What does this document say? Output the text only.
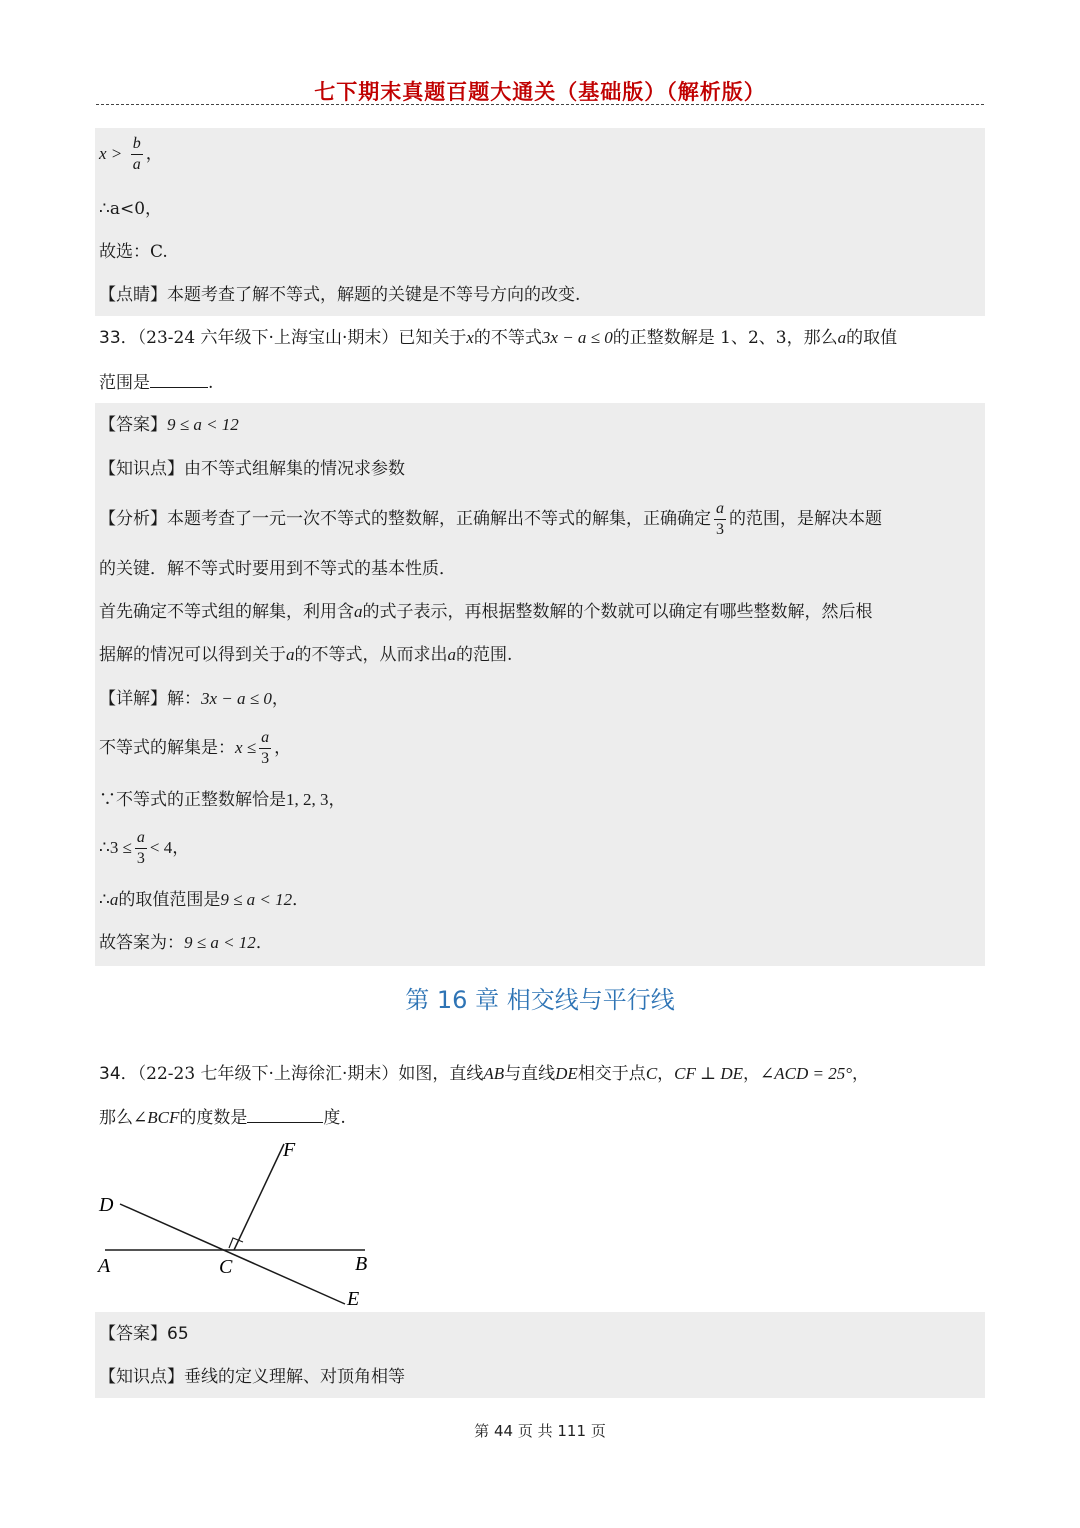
七下期末真题百题大通关（基础版）（解析版）
$x > \frac{b}{a}$ ，
∴a<0，
故选：C.
【点睛】本题考查了解不等式，解题的关键是不等号方向的改变.
33．（23-24 六年级下·上海宝山·期末）已知关于x的不等式3x − a ≤ 0的正整数解是 1、2、3，那么a的取值
范围是	.
【答案】9 ≤ a < 12
【知识点】由不等式组解集的情况求参数
【分析】本题考查了一元一次不等式的整数解，正确解出不等式的解集，正确确定 $\frac{a}{3}$ 的范围，是解决本题
的关键．解不等式时要用到不等式的基本性质．
首先确定不等式组的解集，利用含a的式子表示，再根据整数解的个数就可以确定有哪些整数解，然后根
据解的情况可以得到关于a的不等式，从而求出a的范围.
【详解】解：3x − a ≤ 0，
不等式的解集是：$x \le \frac{a}{3}$ ，
∵不等式的正整数解恰是1, 2, 3，
∴3 ≤ $\frac{a}{3} < 4$，
∴a的取值范围是9 ≤ a < 12．
故答案为：9 ≤ a < 12．
第 16 章 相交线与平行线
34．（22-23 七年级下·上海徐汇·期末）如图，直线AB与直线DE相交于点C，CF ⊥ DE，∠ACD = 25°，
那么∠BCF的度数是	度.
D
F
A	C	B
E
【答案】65
【知识点】垂线的定义理解、对顶角相等
第 44 页 共 111 页
